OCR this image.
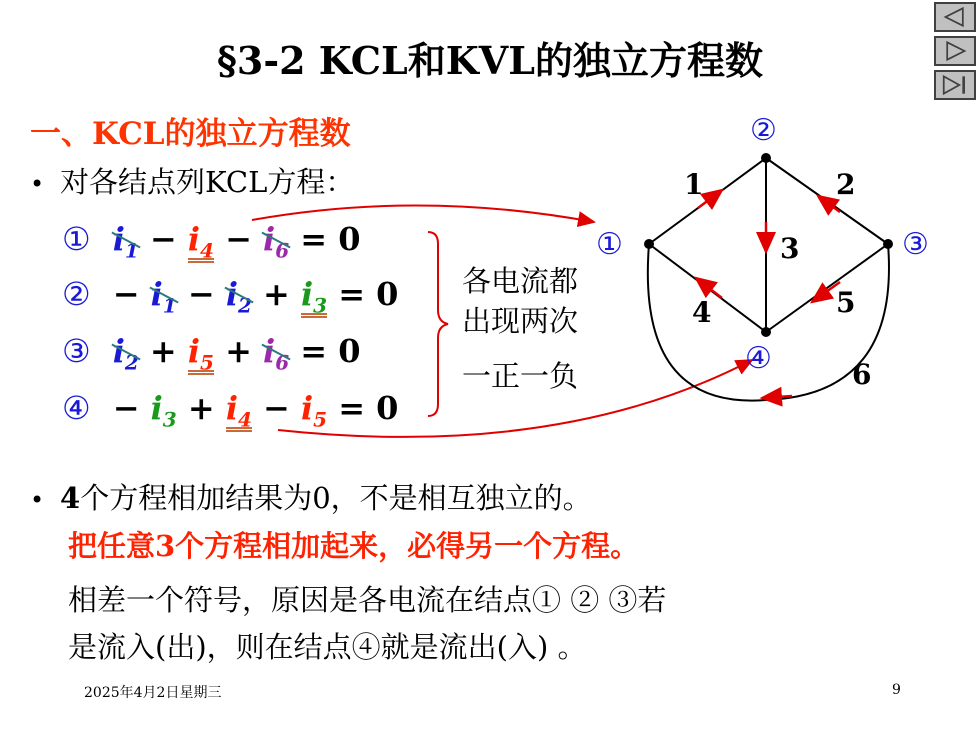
§3-2 KCL和KVL的独立方程数
一、KCL的独立方程数
• 对各结点列KCL方程：
① $i_1 - i_4 - i_6 = 0$
② − $i_1 - i_2 + i_3 = 0$
③ $i_2 + i_5 + i_6 = 0$
④ − $i_3 + i_4 - i_5 = 0$
各电流都
出现两次
一正一负
• 4个方程相加结果为0，不是相互独立的。
把任意3个方程相加起来，必得另一个方程。
相差一个符号，原因是各电流在结点① ② ③若
是流入(出)，则在结点④就是流出(入) 。
2025年4月2日星期三	9
①
②
③
④
1	2
3
4	5
6
